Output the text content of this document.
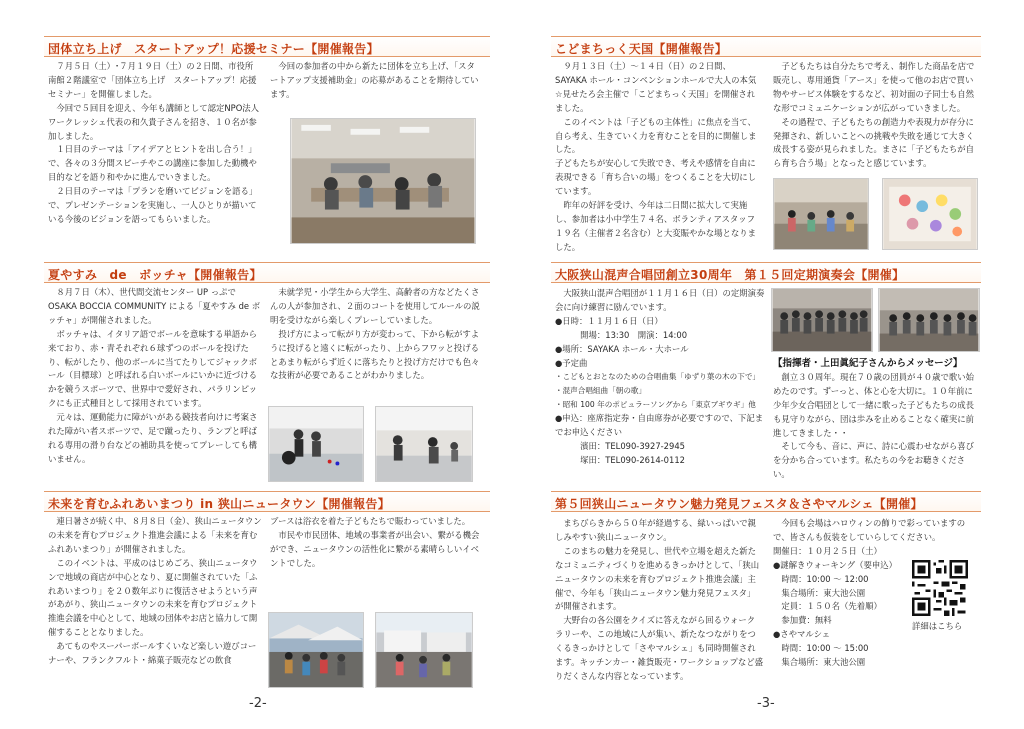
団体立ち上げ　スタートアップ！応援セミナー【開催報告】

７月５日（土）･７月１９日（土）の２日間、市役所南館２階議室で「団体立ち上げ　スタートアップ！応援セミナー」を開催しました。

今回で５回目を迎え、今年も講師として認定NPO法人ワークレッシェ代表の和久貴子さんを招き、１０名が参加しました。

１日目のテーマは「アイデアとヒントを出し合う！」で、各々の３分間スピーチやこの講座に参加した動機や目的などを語り和やかに進んでいきました。

２日目のテーマは「プランを磨いてビジョンを語る」で、プレゼンテーションを実施し、一人ひとりが描いている今後のビジョンを語ってもらいました。

今回の参加者の中から新たに団体を立ち上げ、「スタートアップ支援補助金」の応募があることを期待しています。

夏やすみ　de　ボッチャ【開催報告】

８月７日（木）、世代間交流センター UP っぷで OSAKA BOCCIA COMMUNITY による「夏やすみ de ボッチャ」が開催されました。

ボッチャは、イタリア語でボールを意味する単語から来ており、赤・青それぞれ６球ずつのボールを投げたり、転がしたり、他のボールに当てたりしてジャックボール（目標球）と呼ばれる白いボールにいかに近づけるかを競うスポーツで、世界中で愛好され、パラリンピックにも正式種目として採用されています。

元々は、運動能力に障がいがある競技者向けに考案された障がい者スポーツで、足で蹴ったり、ランプと呼ばれる専用の滑り台などの補助具を使ってプレーしても構いません。

未就学児・小学生から大学生、高齢者の方などたくさんの人が参加され、２面のコートを使用してルールの説明を受けながら楽しくプレーしていました。

投げ方によって転がり方が変わって、下から転がすように投げると遠くに転がったり、上からフワッと投げるとあまり転がらず近くに落ちたりと投げ方だけでも色々な技術が必要であることがわかりました。

未来を育むふれあいまつり in 狭山ニュータウン【開催報告】

連日暑さが続く中、８月８日（金）、狭山ニュータウンの未来を育むプロジェクト推進会議による「未来を育むふれあいまつり」が開催されました。

このイベントは、平成のはじめごろ、狭山ニュータウンで地域の商店が中心となり、夏に開催されていた「ふれあいまつり」を２０数年ぶりに復活させようという声があがり、狭山ニュータウンの未来を育むプロジェクト推進会議を中心として、地域の団体やお店と協力して開催することとなりました。

あてものやスーパーボールすくいなど楽しい遊びコーナーや、フランクフルト・綿菓子販売などの飲食

ブースは浴衣を着た子どもたちで賑わっていました。

市民や市民団体、地域の事業者が出会い、繋がる機会ができ、ニュータウンの活性化に繋がる素晴らしいイベントでした。

-2-
こどまちっく天国【開催報告】

９月１３日（土）～１４日（日）の２日間、SAYAKA ホール・コンベンションホールで大人の本気☆見せたろ会主催で「こどまちっく天国」を開催されました。

このイベントは「子どもの主体性」に焦点を当て、自ら考え、生きていく力を育むことを目的に開催しました。

子どもたちが安心して失敗でき、考えや感情を自由に表現できる「育ち合いの場」をつくることを大切にしています。

昨年の好評を受け、今年は二日間に拡大して実施し、参加者は小中学生７４名、ボランティアスタッフ１９名（主催者２名含む）と大変賑やかな場となりました。

子どもたちは自分たちで考え、制作した商品を店で販売し、専用通貨「アース」を使って他のお店で買い物やサービス体験をするなど、初対面の子同士も自然な形でコミュニケーションが広がっていきました。

その過程で、子どもたちの創造力や表現力が存分に発揮され、新しいことへの挑戦や失敗を通じて大きく成長する姿が見られました。まさに「子どもたちが自ら育ち合う場」となったと感じています。

大阪狭山混声合唱団創立30周年　第１５回定期演奏会【開催】

大阪狭山混声合唱団が１１月１６日（日）の定期演奏会に向け練習に励んでいます。

●日時：１１月１６日（日）

　　　開場：13:30　開演：14:00

●場所：SAYAKA ホール・大ホール

●予定曲

・こどもとおとなのための合唱曲集「ゆずり葉の木の下で」

・混声合唱組曲「朝の歌」

・昭和 100 年のポピュラーソングから「東京ブギウギ」他

●申込：座席指定券・自由席券が必要ですので、下記までお申込ください

　　　濱田：TEL090-3927-2945

　　　塚田：TEL090-2614-0112

【指揮者・上田眞紀子さんからメッセージ】

創立３０周年。現在７０歳の団員が４０歳で歌い始めたのです。ずーっと、体と心を大切に。１０年前に少年少女合唱団として一緒に歌った子どもたちの成長も見守りながら、団は歩みを止めることなく確実に前進してきました・・

そして今も、音に、声に、詩に心震わせながら喜びを分かち合っています。私たちの今をお聴きください。

第５回狭山ニュータウン魅力発見フェスタ＆さやマルシェ【開催】

まちびらきから５０年が経過する、緑いっぱいで親しみやすい狭山ニュータウン。

このまちの魅力を発見し、世代や立場を超えた新たなコミュニティづくりを進めるきっかけとして、「狭山ニュータウンの未来を育むプロジェクト推進会議」主催で、今年も「狭山ニュータウン魅力発見フェスタ」が開催されます。

大野台の各公園をクイズに答えながら回るウォークラリーや、この地域に人が集い、新たなつながりをつくるきっかけとして「さやマルシェ」も同時開催されます。キッチンカー・雑貨販売・ワークショップなど盛りだくさんな内容となっています。

今回も会場はハロウィンの飾りで彩っていますので、皆さんも仮装をしていらしてください。

開催日：１０月２５日（土）

●謎解きウォーキング（要申込）

　時間：10:00 ～ 12:00

　集合場所：東大池公園

　定員：１５０名（先着順）

　参加費：無料

●さやマルシェ

　時間：10:00 ～ 15:00

　集合場所：東大池公園

詳細はこちら
-3-
